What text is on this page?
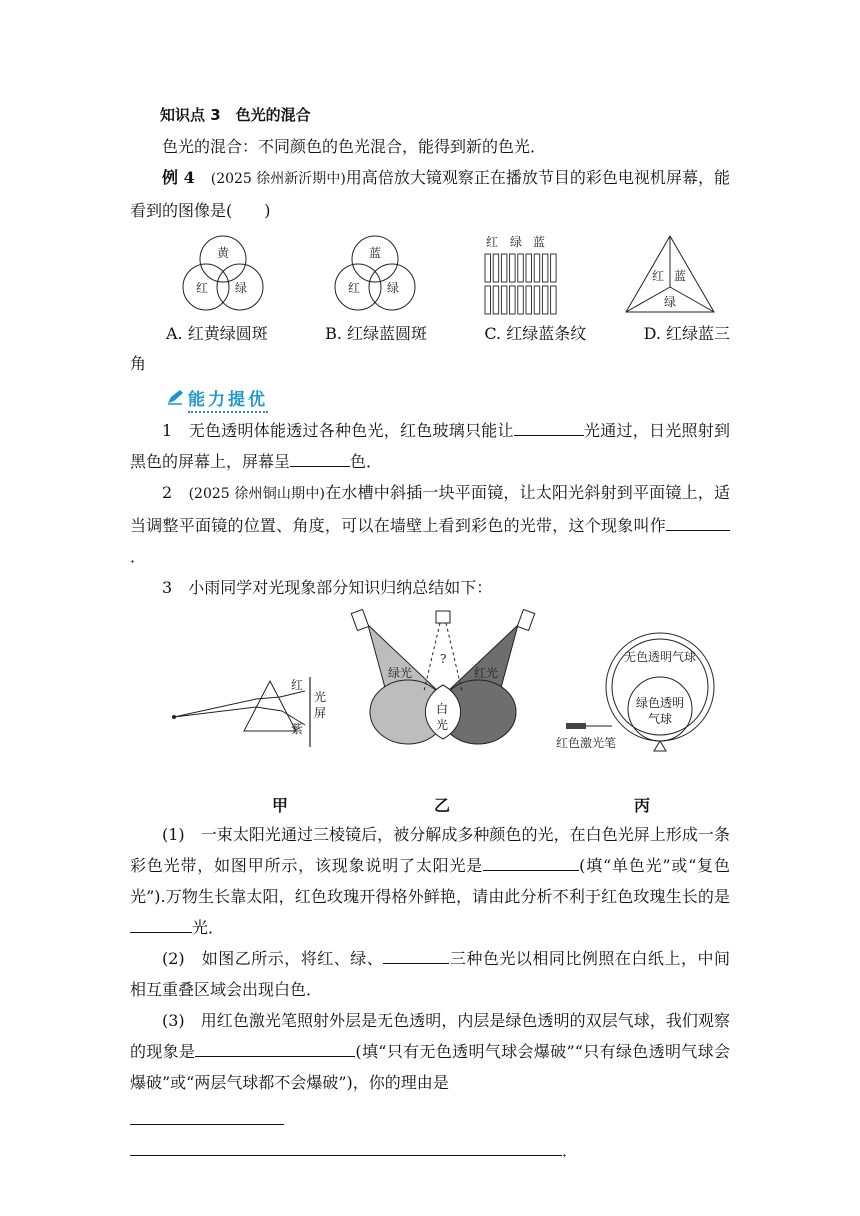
知识点 3　色光的混合

色光的混合：不同颜色的色光混合，能得到新的色光．

例 4　 (2025 徐州新沂期中)用高倍放大镜观察正在播放节目的彩色电视机屏幕，能看到的图像是(　　)

黄
红 绿
蓝
红 绿
红 绿 蓝
红 蓝
绿
A. 红黄绿圆斑	B. 红绿蓝圆斑	C. 红绿蓝条纹	D. 红绿蓝三

角

能力提优

1　 无色透明体能透过各种色光，红色玻璃只能让	光通过，日光照射到黑色的屏幕上，屏幕呈	色．

2　 (2025 徐州铜山期中)在水槽中斜插一块平面镜，让太阳光斜射到平面镜上，适当调整平面镜的位置、角度，可以在墙壁上看到彩色的光带，这个现象叫作．

3　 小雨同学对光现象部分知识归纳总结如下：

红
紫
光屏
?
绿光	红光
白光
无色透明气球
红色激光笔
绿色透明气球
甲	乙	丙

(1)　 一束太阳光通过三棱镜后，被分解成多种颜色的光，在白色光屏上形成一条彩色光带，如图甲所示，该现象说明了太阳光是	(填“单色光”或“复色光”).万物生长靠太阳，红色玫瑰开得格外鲜艳，请由此分析不利于红色玫瑰生长的是光．

(2)　 如图乙所示，将红、绿、	三种色光以相同比例照在白纸上，中间相互重叠区域会出现白色．

(3)　 用红色激光笔照射外层是无色透明，内层是绿色透明的双层气球，我们观察的现象是	(填“只有无色透明气球会爆破”“只有绿色透明气球会爆破”或“两层气球都不会爆破”)，你的理由是

．
